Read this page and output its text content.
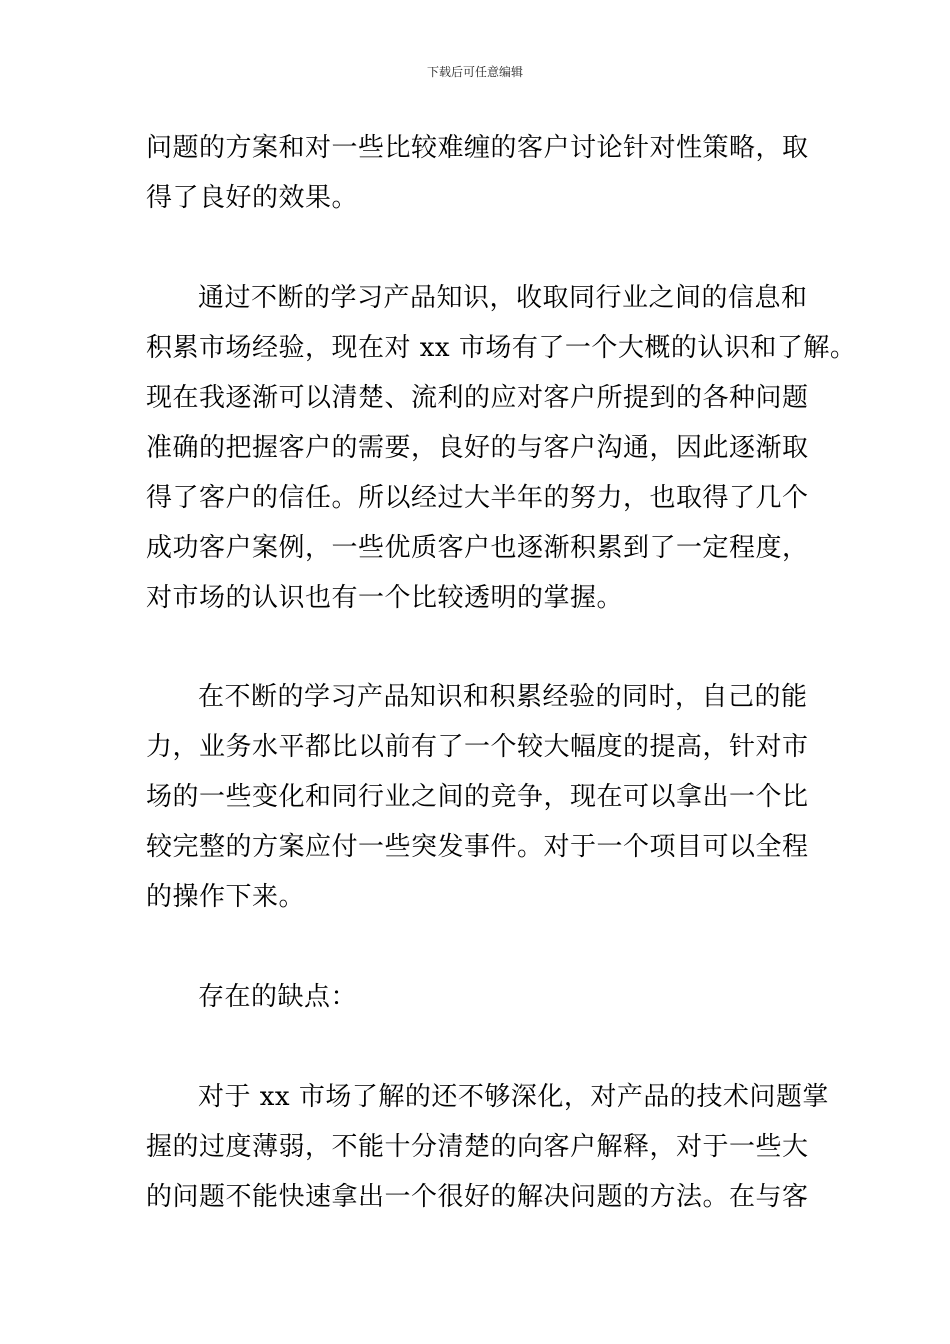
下载后可任意编辑
问题的方案和对一些比较难缠的客户讨论针对性策略，取
得了良好的效果。
通过不断的学习产品知识，收取同行业之间的信息和
积累市场经验，现在对 xx 市场有了一个大概的认识和了解。
现在我逐渐可以清楚、流利的应对客户所提到的各种问题
准确的把握客户的需要，良好的与客户沟通，因此逐渐取
得了客户的信任。所以经过大半年的努力，也取得了几个
成功客户案例，一些优质客户也逐渐积累到了一定程度，
对市场的认识也有一个比较透明的掌握。
在不断的学习产品知识和积累经验的同时，自己的能
力，业务水平都比以前有了一个较大幅度的提高，针对市
场的一些变化和同行业之间的竞争，现在可以拿出一个比
较完整的方案应付一些突发事件。对于一个项目可以全程
的操作下来。
存在的缺点：
对于 xx 市场了解的还不够深化，对产品的技术问题掌
握的过度薄弱，不能十分清楚的向客户解释，对于一些大
的问题不能快速拿出一个很好的解决问题的方法。在与客
